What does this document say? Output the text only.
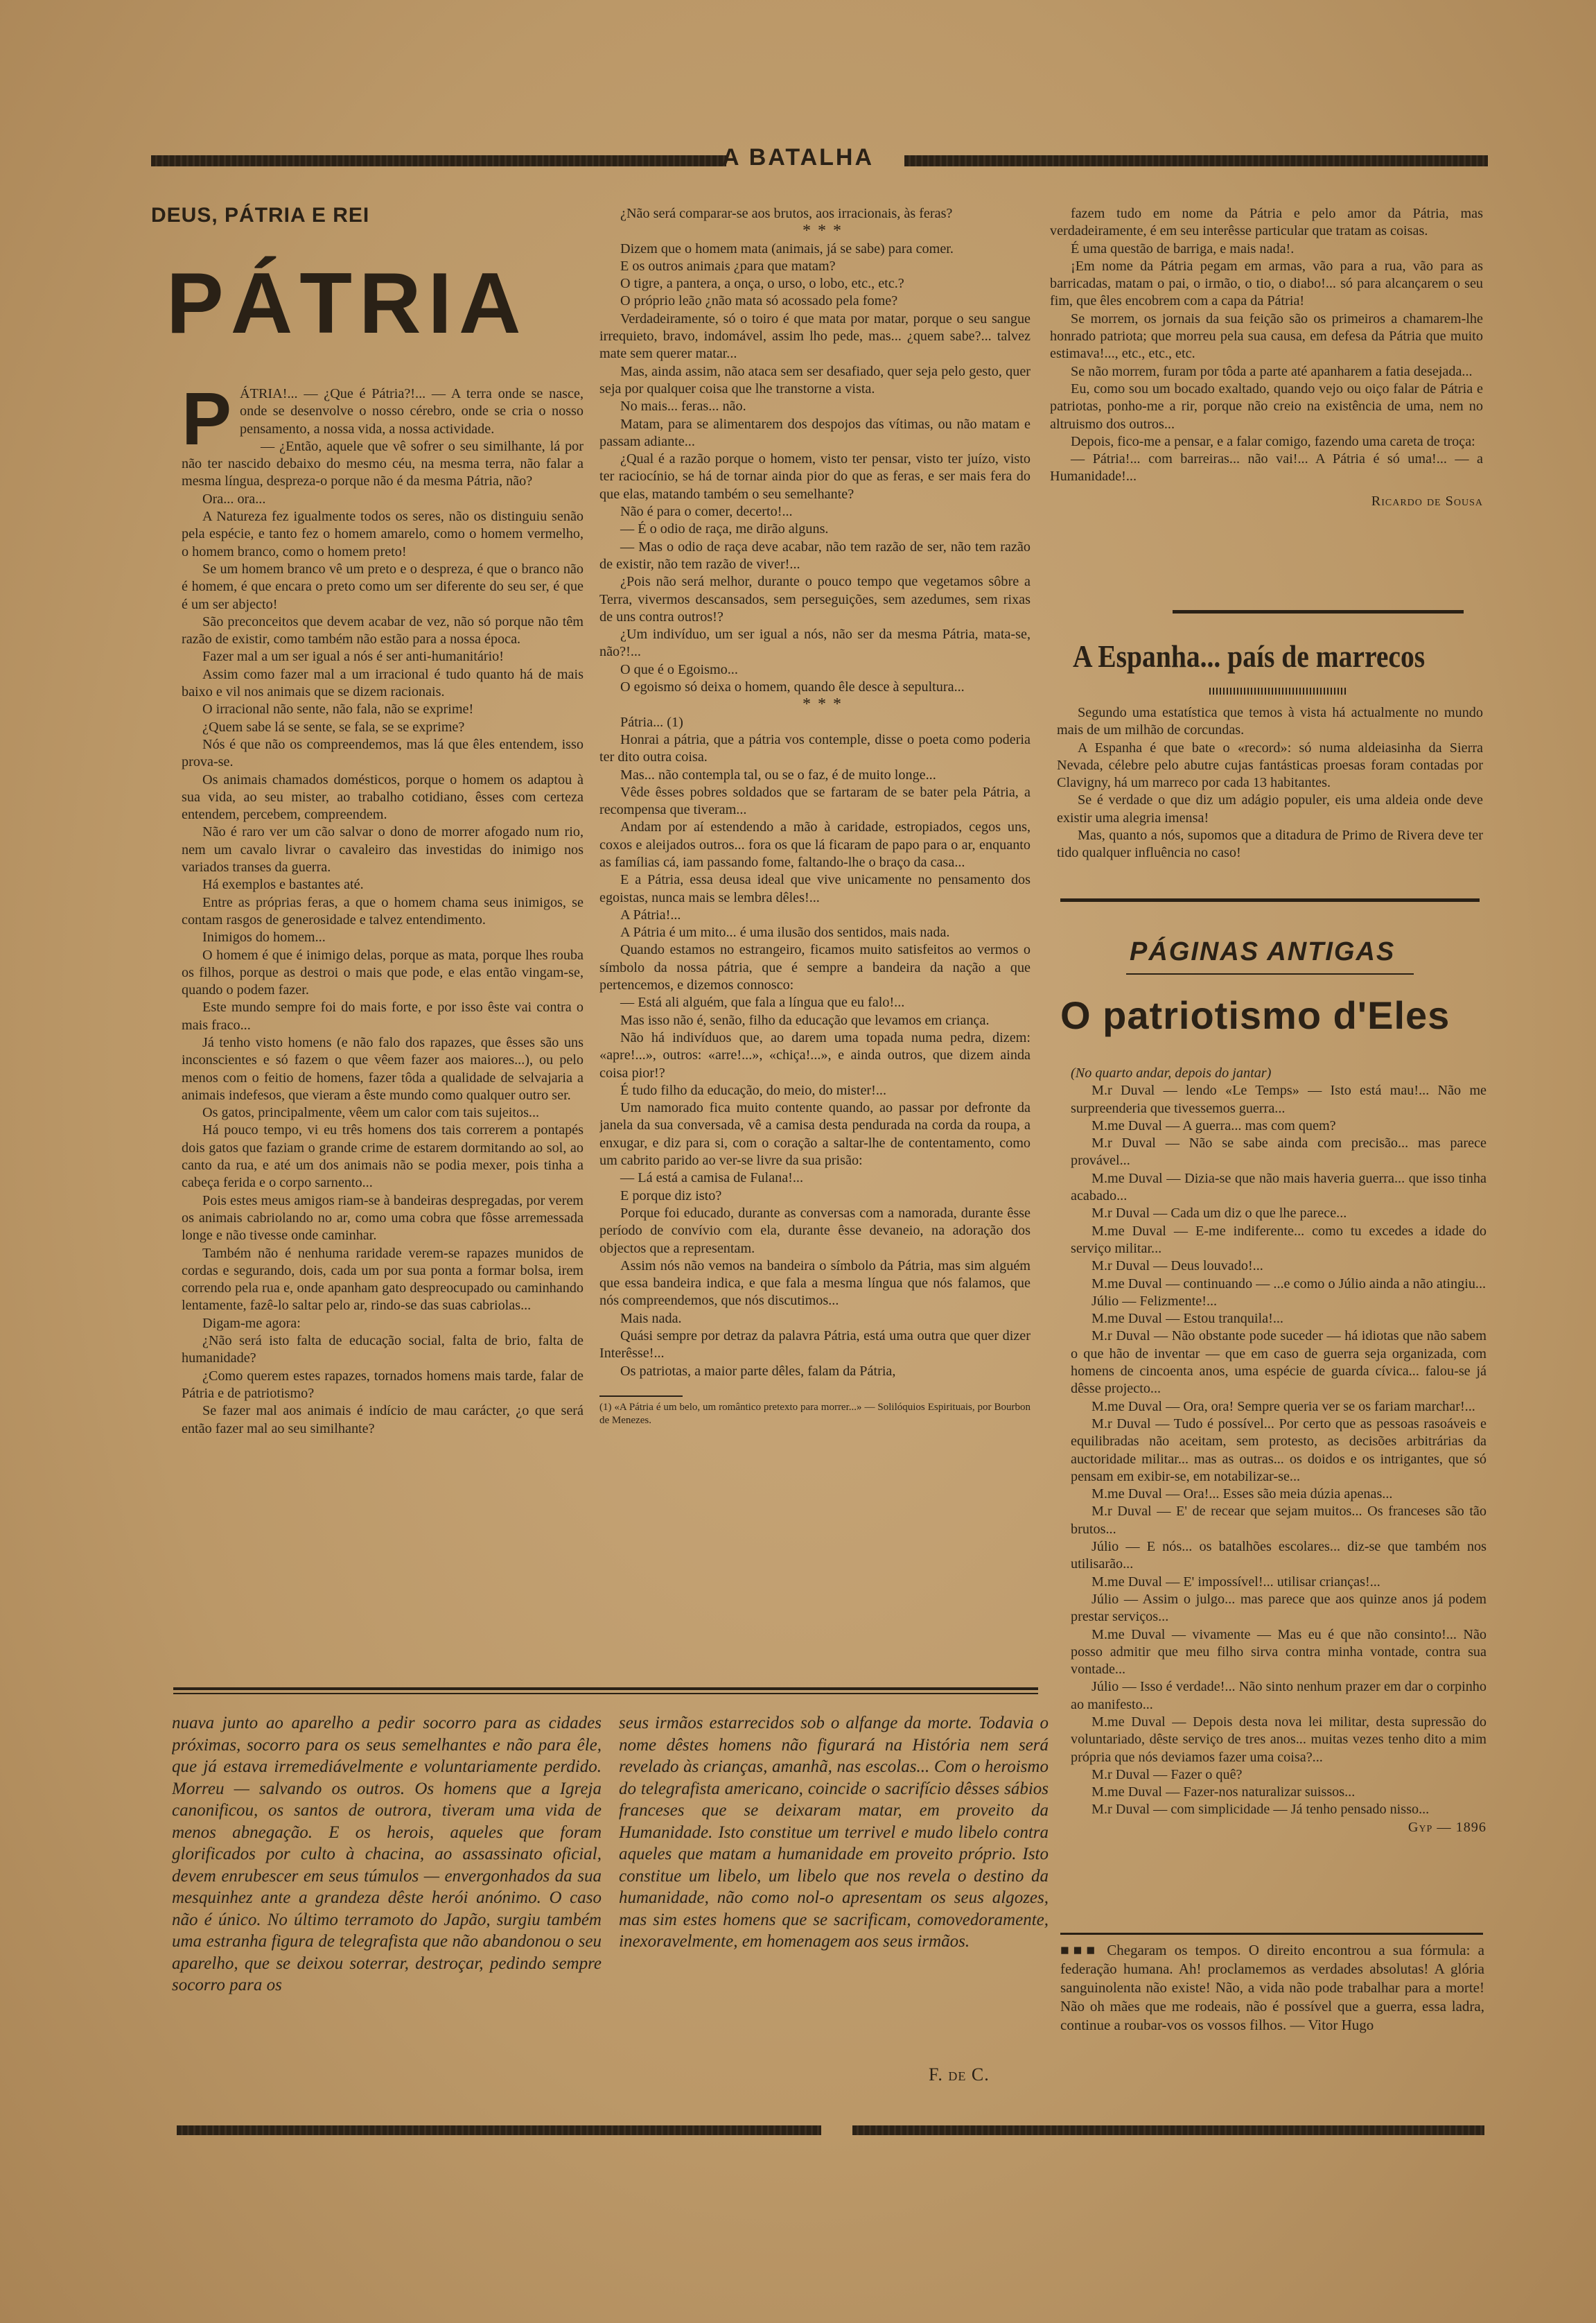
A BATALHA
DEUS, PÁTRIA E REI
PÁTRIA
P ÁTRIA!... — ¿Que é Pátria?!... — A terra onde se nasce, onde se desenvolve o nosso cérebro, onde se cria o nosso pensamento, a nossa vida, a nossa actividade.

— ¿Então, aquele que vê sofrer o seu similhante, lá por não ter nascido debaixo do mesmo céu, na mesma terra, não falar a mesma língua, despreza-o porque não é da mesma Pátria, não?

Ora... ora...

A Natureza fez igualmente todos os seres, não os distinguiu senão pela espécie, e tanto fez o homem amarelo, como o homem vermelho, o homem branco, como o homem preto!

Se um homem branco vê um preto e o despreza, é que o branco não é homem, é que encara o preto como um ser diferente do seu ser, é que é um ser abjecto!

São preconceitos que devem acabar de vez, não só porque não têm razão de existir, como também não estão para a nossa época.

Fazer mal a um ser igual a nós é ser anti-humanitário!

Assim como fazer mal a um irracional é tudo quanto há de mais baixo e vil nos animais que se dizem racionais.

O irracional não sente, não fala, não se exprime!

¿Quem sabe lá se sente, se fala, se se exprime?

Nós é que não os compreendemos, mas lá que êles entendem, isso prova-se.

Os animais chamados domésticos, porque o homem os adaptou à sua vida, ao seu mister, ao trabalho cotidiano, êsses com certeza entendem, percebem, compreendem.

Não é raro ver um cão salvar o dono de morrer afogado num rio, nem um cavalo livrar o cavaleiro das investidas do inimigo nos variados transes da guerra.

Há exemplos e bastantes até.

Entre as próprias feras, a que o homem chama seus inimigos, se contam rasgos de generosidade e talvez entendimento.

Inimigos do homem...

O homem é que é inimigo delas, porque as mata, porque lhes rouba os filhos, porque as destroi o mais que pode, e elas então vingam-se, quando o podem fazer.

Este mundo sempre foi do mais forte, e por isso êste vai contra o mais fraco...

Já tenho visto homens (e não falo dos rapazes, que êsses são uns inconscientes e só fazem o que vêem fazer aos maiores...), ou pelo menos com o feitio de homens, fazer tôda a qualidade de selvajaria a animais indefesos, que vieram a êste mundo como qualquer outro ser.

Os gatos, principalmente, vêem um calor com tais sujeitos...

Há pouco tempo, vi eu três homens dos tais correrem a pontapés dois gatos que faziam o grande crime de estarem dormitando ao sol, ao canto da rua, e até um dos animais não se podia mexer, pois tinha a cabeça ferida e o corpo sarnento...

Pois estes meus amigos riam-se à bandeiras despregadas, por verem os animais cabriolando no ar, como uma cobra que fôsse arremessada longe e não tivesse onde caminhar.

Também não é nenhuma raridade verem-se rapazes munidos de cordas e segurando, dois, cada um por sua ponta a formar bolsa, irem correndo pela rua e, onde apanham gato despreocupado ou caminhando lentamente, fazê-lo saltar pelo ar, rindo-se das suas cabriolas...

Digam-me agora:

¿Não será isto falta de educação social, falta de brio, falta de humanidade?

¿Como querem estes rapazes, tornados homens mais tarde, falar de Pátria e de patriotismo?

Se fazer mal aos animais é indício de mau carácter, ¿o que será então fazer mal ao seu similhante?

¿Não será comparar-se aos brutos, aos irracionais, às feras?

***

Dizem que o homem mata (animais, já se sabe) para comer.

E os outros animais ¿para que matam?

O tigre, a pantera, a onça, o urso, o lobo, etc., etc.?

O próprio leão ¿não mata só acossado pela fome?

Verdadeiramente, só o toiro é que mata por matar, porque o seu sangue irrequieto, bravo, indomável, assim lho pede, mas... ¿quem sabe?... talvez mate sem querer matar...

Mas, ainda assim, não ataca sem ser desafiado, quer seja pelo gesto, quer seja por qualquer coisa que lhe transtorne a vista.

No mais... feras... não.

Matam, para se alimentarem dos despojos das vítimas, ou não matam e passam adiante...

¿Qual é a razão porque o homem, visto ter pensar, visto ter juízo, visto ter raciocínio, se há de tornar ainda pior do que as feras, e ser mais fera do que elas, matando também o seu semelhante?

Não é para o comer, decerto!...

— É o odio de raça, me dirão alguns.

— Mas o odio de raça deve acabar, não tem razão de ser, não tem razão de existir, não tem razão de viver!...

¿Pois não será melhor, durante o pouco tempo que vegetamos sôbre a Terra, vivermos descansados, sem perseguições, sem azedumes, sem rixas de uns contra outros!?

¿Um indivíduo, um ser igual a nós, não ser da mesma Pátria, mata-se, não?!...

O que é o Egoismo...

O egoismo só deixa o homem, quando êle desce à sepultura...

***

Pátria... (1)

Honrai a pátria, que a pátria vos contemple, disse o poeta como poderia ter dito outra coisa.

Mas... não contempla tal, ou se o faz, é de muito longe...

Vêde êsses pobres soldados que se fartaram de se bater pela Pátria, a recompensa que tiveram...

Andam por aí estendendo a mão à caridade, estropiados, cegos uns, coxos e aleijados outros... fora os que lá ficaram de papo para o ar, enquanto as famílias cá, iam passando fome, faltando-lhe o braço da casa...

E a Pátria, essa deusa ideal que vive unicamente no pensamento dos egoistas, nunca mais se lembra dêles!...

A Pátria!...

A Pátria é um mito... é uma ilusão dos sentidos, mais nada.

Quando estamos no estrangeiro, ficamos muito satisfeitos ao vermos o símbolo da nossa pátria, que é sempre a bandeira da nação a que pertencemos, e dizemos connosco:

— Está ali alguém, que fala a língua que eu falo!...

Mas isso não é, senão, filho da educação que levamos em criança.

Não há indivíduos que, ao darem uma topada numa pedra, dizem: «apre!...», outros: «arre!...», «chiça!...», e ainda outros, que dizem ainda coisa pior!?

É tudo filho da educação, do meio, do mister!...

Um namorado fica muito contente quando, ao passar por defronte da janela da sua conversada, vê a camisa desta pendurada na corda da roupa, a enxugar, e diz para si, com o coração a saltar-lhe de contentamento, como um cabrito parido ao ver-se livre da sua prisão:

— Lá está a camisa de Fulana!...

E porque diz isto?

Porque foi educado, durante as conversas com a namorada, durante êsse período de convívio com ela, durante êsse devaneio, na adoração dos objectos que a representam.

Assim nós não vemos na bandeira o símbolo da Pátria, mas sim alguém que essa bandeira indica, e que fala a mesma língua que nós falamos, que nós compreendemos, que nós discutimos...

Mais nada.

Quási sempre por detraz da palavra Pátria, está uma outra que quer dizer Interêsse!...

Os patriotas, a maior parte dêles, falam da Pátria,

(1) «A Pátria é um belo, um romântico pretexto para morrer...» — Solilóquios Espirituais, por Bourbon de Menezes.

fazem tudo em nome da Pátria e pelo amor da Pátria, mas verdadeiramente, é em seu interêsse particular que tratam as coisas.

É uma questão de barriga, e mais nada!.

¡Em nome da Pátria pegam em armas, vão para a rua, vão para as barricadas, matam o pai, o irmão, o tio, o diabo!... só para alcançarem o seu fim, que êles encobrem com a capa da Pátria!

Se morrem, os jornais da sua feição são os primeiros a chamarem-lhe honrado patriota; que morreu pela sua causa, em defesa da Pátria que muito estimava!..., etc., etc., etc.

Se não morrem, furam por tôda a parte até apanharem a fatia desejada...

Eu, como sou um bocado exaltado, quando vejo ou oiço falar de Pátria e patriotas, ponho-me a rir, porque não creio na existência de uma, nem no altruismo dos outros...

Depois, fico-me a pensar, e a falar comigo, fazendo uma careta de troça:

— Pátria!... com barreiras... não vai!... A Pátria é só uma!... — a Humanidade!...

Ricardo de Sousa

A Espanha... país de marrecos

Segundo uma estatística que temos à vista há actualmente no mundo mais de um milhão de corcundas.

A Espanha é que bate o «record»: só numa aldeiasinha da Sierra Nevada, célebre pelo abutre cujas fantásticas proesas foram contadas por Clavigny, há um marreco por cada 13 habitantes.

Se é verdade o que diz um adágio populer, eis uma aldeia onde deve existir uma alegria imensa!

Mas, quanto a nós, supomos que a ditadura de Primo de Rivera deve ter tido qualquer influência no caso!

PÁGINAS ANTIGAS
O patriotismo d'Eles

(No quarto andar, depois do jantar)

M.r Duval — lendo «Le Temps» — Isto está mau!... Não me surpreenderia que tivessemos guerra...

M.me Duval — A guerra... mas com quem?

M.r Duval — Não se sabe ainda com precisão... mas parece provável...

M.me Duval — Dizia-se que não mais haveria guerra... que isso tinha acabado...

M.r Duval — Cada um diz o que lhe parece...

M.me Duval — E-me indiferente... como tu excedes a idade do serviço militar...

M.r Duval — Deus louvado!...

M.me Duval — continuando — ...e como o Júlio ainda a não atingiu...

Júlio — Felizmente!...

M.me Duval — Estou tranquila!...

M.r Duval — Não obstante pode suceder — há idiotas que não sabem o que hão de inventar — que em caso de guerra seja organizada, com homens de cincoenta anos, uma espécie de guarda cívica... falou-se já dêsse projecto...

M.me Duval — Ora, ora! Sempre queria ver se os fariam marchar!...

M.r Duval — Tudo é possível... Por certo que as pessoas rasoáveis e equilibradas não aceitam, sem protesto, as decisões arbitrárias da auctoridade militar... mas as outras... os doidos e os intrigantes, que só pensam em exibir-se, em notabilizar-se...

M.me Duval — Ora!... Esses são meia dúzia apenas...

M.r Duval — E' de recear que sejam muitos... Os franceses são tão brutos...

Júlio — E nós... os batalhões escolares... diz-se que também nos utilisarão...

M.me Duval — E' impossível!... utilisar crianças!...

Júlio — Assim o julgo... mas parece que aos quinze anos já podem prestar serviços...

M.me Duval — vivamente — Mas eu é que não consinto!... Não posso admitir que meu filho sirva contra minha vontade, contra sua vontade...

Júlio — Isso é verdade!... Não sinto nenhum prazer em dar o corpinho ao manifesto...

M.me Duval — Depois desta nova lei militar, desta supressão do voluntariado, dêste serviço de tres anos... muitas vezes tenho dito a mim própria que nós deviamos fazer uma coisa?...

M.r Duval — Fazer o quê?

M.me Duval — Fazer-nos naturalizar suissos...

M.r Duval — com simplicidade — Já tenho pensado nisso...

Gyp — 1896

■■■ Chegaram os tempos. O direito encontrou a sua fórmula: a federação humana. Ah! proclamemos as verdades absolutas! A glória sanguinolenta não existe! Não, a vida não pode trabalhar para a morte! Não oh mães que me rodeais, não é possível que a guerra, essa ladra, continue a roubar-vos os vossos filhos. — Vitor Hugo

nuava junto ao aparelho a pedir socorro para as cidades próximas, socorro para os seus semelhantes e não para êle, que já estava irremediávelmente e voluntariamente perdido. Morreu — salvando os outros. Os homens que a Igreja canonificou, os santos de outrora, tiveram uma vida de menos abnegação. E os herois, aqueles que foram glorificados por culto à chacina, ao assassinato oficial, devem enrubescer em seus túmulos — envergonhados da sua mesquinhez ante a grandeza dêste herói anónimo. O caso não é único. No último terramoto do Japão, surgiu também uma estranha figura de telegrafista que não abandonou o seu aparelho, que se deixou soterrar, destroçar, pedindo sempre socorro para os

seus irmãos estarrecidos sob o alfange da morte. Todavia o nome dêstes homens não figurará na História nem será revelado às crianças, amanhã, nas escolas... Com o heroismo do telegrafista americano, coincide o sacrifício dêsses sábios franceses que se deixaram matar, em proveito da Humanidade. Isto constitue um terrivel e mudo libelo contra aqueles que matam a humanidade em proveito próprio. Isto constitue um libelo, um libelo que nos revela o destino da humanidade, não como nol-o apresentam os seus algozes, mas sim estes homens que se sacrificam, comovedoramente, inexoravelmente, em homenagem aos seus irmãos.

F. de C.
